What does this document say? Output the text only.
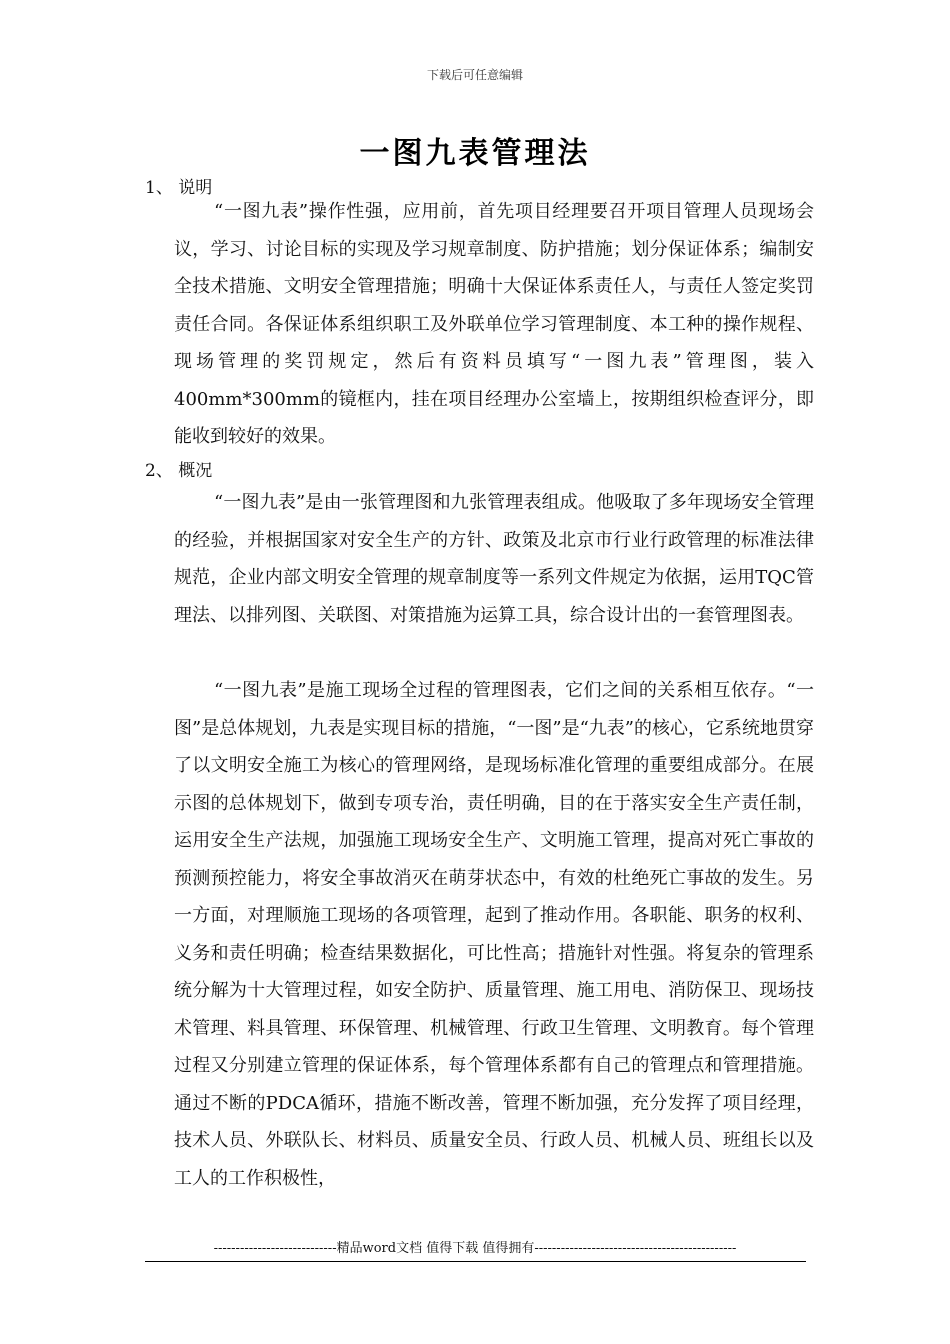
下载后可任意编辑
一图九表管理法
1、 说明

“一图九表”操作性强，应用前，首先项目经理要召开项目管理人员现场会议，学习、讨论目标的实现及学习规章制度、防护措施；划分保证体系；编制安全技术措施、文明安全管理措施；明确十大保证体系责任人，与责任人签定奖罚责任合同。各保证体系组织职工及外联单位学习管理制度、本工种的操作规程、现场管理的奖罚规定，然后有资料员填写“一图九表”管理图，装入400mm*300mm的镜框内，挂在项目经理办公室墙上，按期组织检查评分，即能收到较好的效果。

2、 概况

“一图九表”是由一张管理图和九张管理表组成。他吸取了多年现场安全管理的经验，并根据国家对安全生产的方针、政策及北京市行业行政管理的标准法律规范，企业内部文明安全管理的规章制度等一系列文件规定为依据，运用TQC管理法、以排列图、关联图、对策措施为运算工具，综合设计出的一套管理图表。

“一图九表”是施工现场全过程的管理图表，它们之间的关系相互依存。“一图”是总体规划，九表是实现目标的措施，“一图”是“九表”的核心，它系统地贯穿了以文明安全施工为核心的管理网络，是现场标准化管理的重要组成部分。在展示图的总体规划下，做到专项专治，责任明确，目的在于落实安全生产责任制，运用安全生产法规，加强施工现场安全生产、文明施工管理，提高对死亡事故的预测预控能力，将安全事故消灭在萌芽状态中，有效的杜绝死亡事故的发生。另一方面，对理顺施工现场的各项管理，起到了推动作用。各职能、职务的权利、义务和责任明确；检查结果数据化，可比性高；措施针对性强。将复杂的管理系统分解为十大管理过程，如安全防护、质量管理、施工用电、消防保卫、现场技术管理、料具管理、环保管理、机械管理、行政卫生管理、文明教育。每个管理过程又分别建立管理的保证体系，每个管理体系都有自己的管理点和管理措施。通过不断的PDCA循环，措施不断改善，管理不断加强，充分发挥了项目经理，技术人员、外联队长、材料员、质量安全员、行政人员、机械人员、班组长以及工人的工作积极性，

----------------------------精品word文档 值得下载 值得拥有----------------------------------------------
